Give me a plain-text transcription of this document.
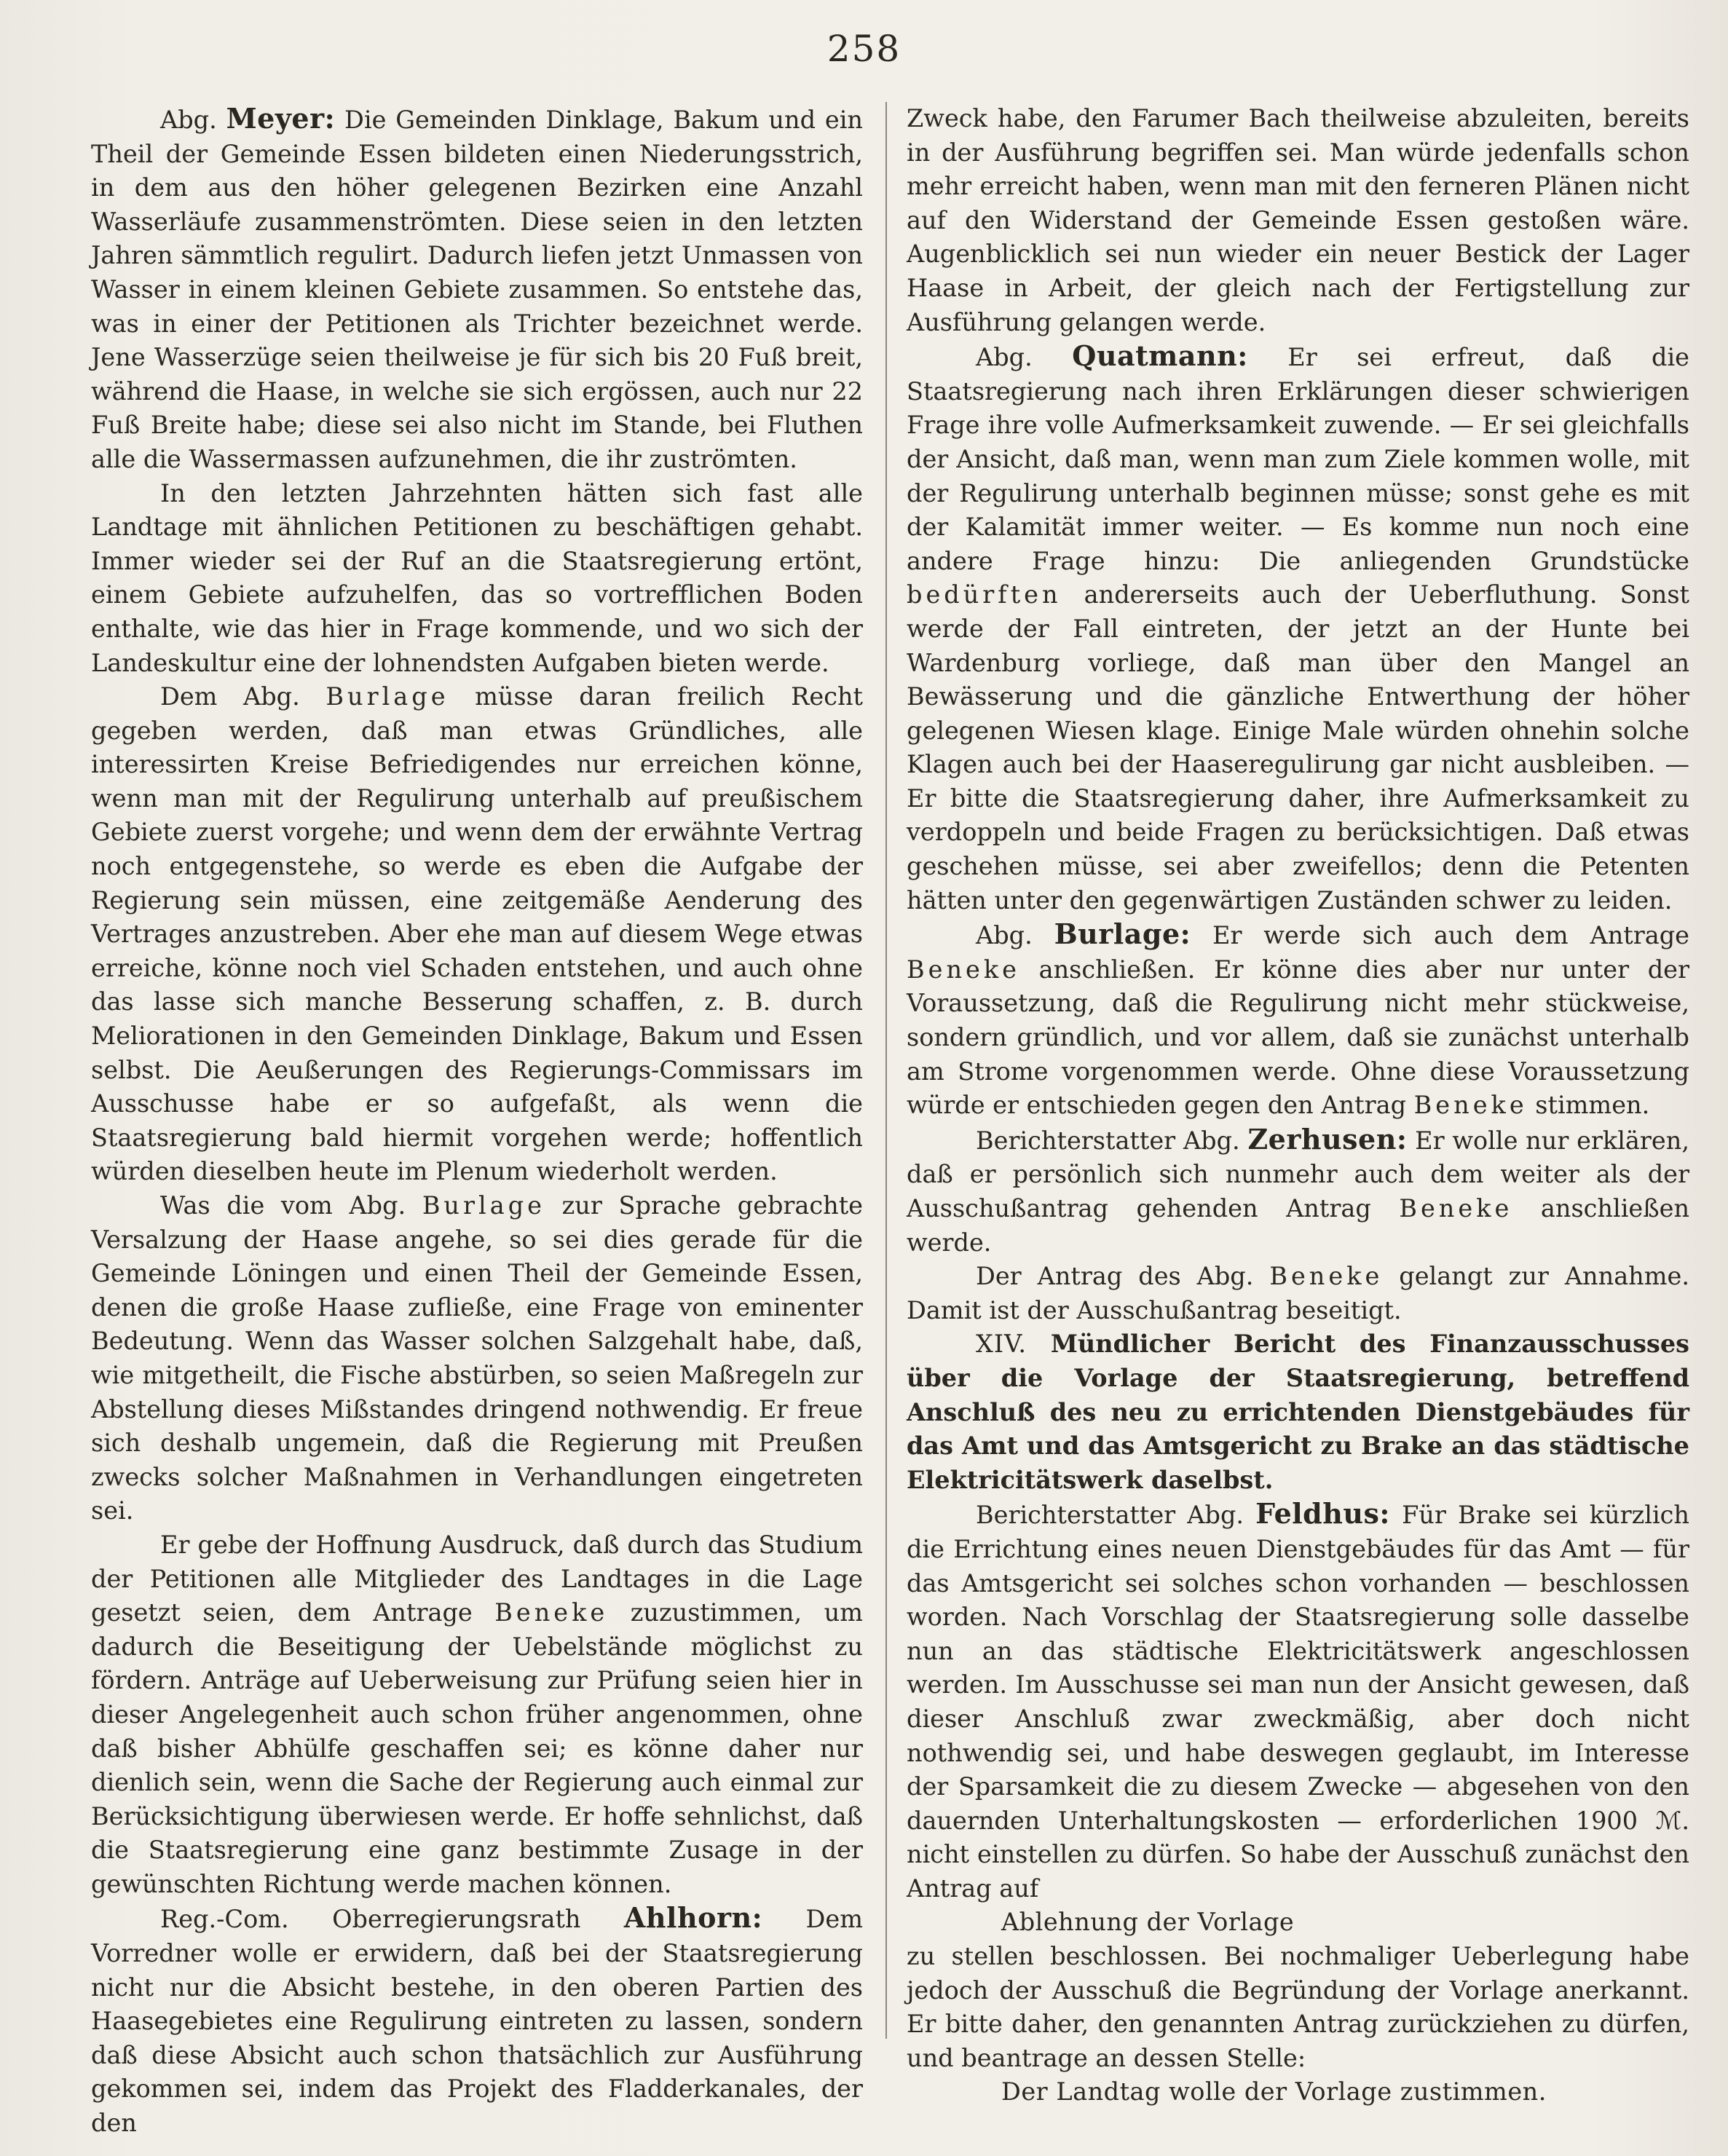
258

Abg. Meyer: Die Gemeinden Dinklage, Bakum und ein Theil der Gemeinde Essen bildeten einen Niederungsstrich, in dem aus den höher gelegenen Bezirken eine Anzahl Wasserläufe zusammenströmten. Diese seien in den letzten Jahren sämmtlich regulirt. Dadurch liefen jetzt Unmassen von Wasser in einem kleinen Gebiete zusammen. So entstehe das, was in einer der Petitionen als Trichter bezeichnet werde. Jene Wasserzüge seien theilweise je für sich bis 20 Fuß breit, während die Haase, in welche sie sich ergössen, auch nur 22 Fuß Breite habe; diese sei also nicht im Stande, bei Fluthen alle die Wassermassen aufzunehmen, die ihr zuströmten.

In den letzten Jahrzehnten hätten sich fast alle Landtage mit ähnlichen Petitionen zu beschäftigen gehabt. Immer wieder sei der Ruf an die Staatsregierung ertönt, einem Gebiete aufzuhelfen, das so vortrefflichen Boden enthalte, wie das hier in Frage kommende, und wo sich der Landeskultur eine der lohnendsten Aufgaben bieten werde.

Dem Abg. Burlage müsse daran freilich Recht gegeben werden, daß man etwas Gründliches, alle interessirten Kreise Befriedigendes nur erreichen könne, wenn man mit der Regulirung unterhalb auf preußischem Gebiete zuerst vorgehe; und wenn dem der erwähnte Vertrag noch entgegenstehe, so werde es eben die Aufgabe der Regierung sein müssen, eine zeitgemäße Aenderung des Vertrages anzustreben. Aber ehe man auf diesem Wege etwas erreiche, könne noch viel Schaden entstehen, und auch ohne das lasse sich manche Besserung schaffen, z. B. durch Meliorationen in den Gemeinden Dinklage, Bakum und Essen selbst. Die Aeußerungen des Regierungs-Commissars im Ausschusse habe er so aufgefaßt, als wenn die Staatsregierung bald hiermit vorgehen werde; hoffentlich würden dieselben heute im Plenum wiederholt werden.

Was die vom Abg. Burlage zur Sprache gebrachte Versalzung der Haase angehe, so sei dies gerade für die Gemeinde Löningen und einen Theil der Gemeinde Essen, denen die große Haase zufließe, eine Frage von eminenter Bedeutung. Wenn das Wasser solchen Salzgehalt habe, daß, wie mitgetheilt, die Fische abstürben, so seien Maßregeln zur Abstellung dieses Mißstandes dringend nothwendig. Er freue sich deshalb ungemein, daß die Regierung mit Preußen zwecks solcher Maßnahmen in Verhandlungen eingetreten sei.

Er gebe der Hoffnung Ausdruck, daß durch das Studium der Petitionen alle Mitglieder des Landtages in die Lage gesetzt seien, dem Antrage Beneke zuzustimmen, um dadurch die Beseitigung der Uebelstände möglichst zu fördern. Anträge auf Ueberweisung zur Prüfung seien hier in dieser Angelegenheit auch schon früher angenommen, ohne daß bisher Abhülfe geschaffen sei; es könne daher nur dienlich sein, wenn die Sache der Regierung auch einmal zur Berücksichtigung überwiesen werde. Er hoffe sehnlichst, daß die Staatsregierung eine ganz bestimmte Zusage in der gewünschten Richtung werde machen können.

Reg.-Com. Oberregierungsrath Ahlhorn: Dem Vorredner wolle er erwidern, daß bei der Staatsregierung nicht nur die Absicht bestehe, in den oberen Partien des Haasegebietes eine Regulirung eintreten zu lassen, sondern daß diese Absicht auch schon thatsächlich zur Ausführung gekommen sei, indem das Projekt des Fladderkanales, der den

Zweck habe, den Farumer Bach theilweise abzuleiten, bereits in der Ausführung begriffen sei. Man würde jedenfalls schon mehr erreicht haben, wenn man mit den ferneren Plänen nicht auf den Widerstand der Gemeinde Essen gestoßen wäre. Augenblicklich sei nun wieder ein neuer Bestick der Lager Haase in Arbeit, der gleich nach der Fertigstellung zur Ausführung gelangen werde.

Abg. Quatmann: Er sei erfreut, daß die Staatsregierung nach ihren Erklärungen dieser schwierigen Frage ihre volle Aufmerksamkeit zuwende. — Er sei gleichfalls der Ansicht, daß man, wenn man zum Ziele kommen wolle, mit der Regulirung unterhalb beginnen müsse; sonst gehe es mit der Kalamität immer weiter. — Es komme nun noch eine andere Frage hinzu: Die anliegenden Grundstücke bedürften andererseits auch der Ueberfluthung. Sonst werde der Fall eintreten, der jetzt an der Hunte bei Wardenburg vorliege, daß man über den Mangel an Bewässerung und die gänzliche Entwerthung der höher gelegenen Wiesen klage. Einige Male würden ohnehin solche Klagen auch bei der Haaseregulirung gar nicht ausbleiben. — Er bitte die Staatsregierung daher, ihre Aufmerksamkeit zu verdoppeln und beide Fragen zu berücksichtigen. Daß etwas geschehen müsse, sei aber zweifellos; denn die Petenten hätten unter den gegenwärtigen Zuständen schwer zu leiden.

Abg. Burlage: Er werde sich auch dem Antrage Beneke anschließen. Er könne dies aber nur unter der Voraussetzung, daß die Regulirung nicht mehr stückweise, sondern gründlich, und vor allem, daß sie zunächst unterhalb am Strome vorgenommen werde. Ohne diese Voraussetzung würde er entschieden gegen den Antrag Beneke stimmen.

Berichterstatter Abg. Zerhusen: Er wolle nur erklären, daß er persönlich sich nunmehr auch dem weiter als der Ausschußantrag gehenden Antrag Beneke anschließen werde.

Der Antrag des Abg. Beneke gelangt zur Annahme. Damit ist der Ausschußantrag beseitigt.

XIV. Mündlicher Bericht des Finanzausschusses über die Vorlage der Staatsregierung, betreffend Anschluß des neu zu errichtenden Dienstgebäudes für das Amt und das Amtsgericht zu Brake an das städtische Elektricitätswerk daselbst.

Berichterstatter Abg. Feldhus: Für Brake sei kürzlich die Errichtung eines neuen Dienstgebäudes für das Amt — für das Amtsgericht sei solches schon vorhanden — beschlossen worden. Nach Vorschlag der Staatsregierung solle dasselbe nun an das städtische Elektricitätswerk angeschlossen werden. Im Ausschusse sei man nun der Ansicht gewesen, daß dieser Anschluß zwar zweckmäßig, aber doch nicht nothwendig sei, und habe deswegen geglaubt, im Interesse der Sparsamkeit die zu diesem Zwecke — abgesehen von den dauernden Unterhaltungskosten — erforderlichen 1900 ℳ. nicht einstellen zu dürfen. So habe der Ausschuß zunächst den Antrag auf

Ablehnung der Vorlage

zu stellen beschlossen. Bei nochmaliger Ueberlegung habe jedoch der Ausschuß die Begründung der Vorlage anerkannt. Er bitte daher, den genannten Antrag zurückziehen zu dürfen, und beantrage an dessen Stelle:

Der Landtag wolle der Vorlage zustimmen.
